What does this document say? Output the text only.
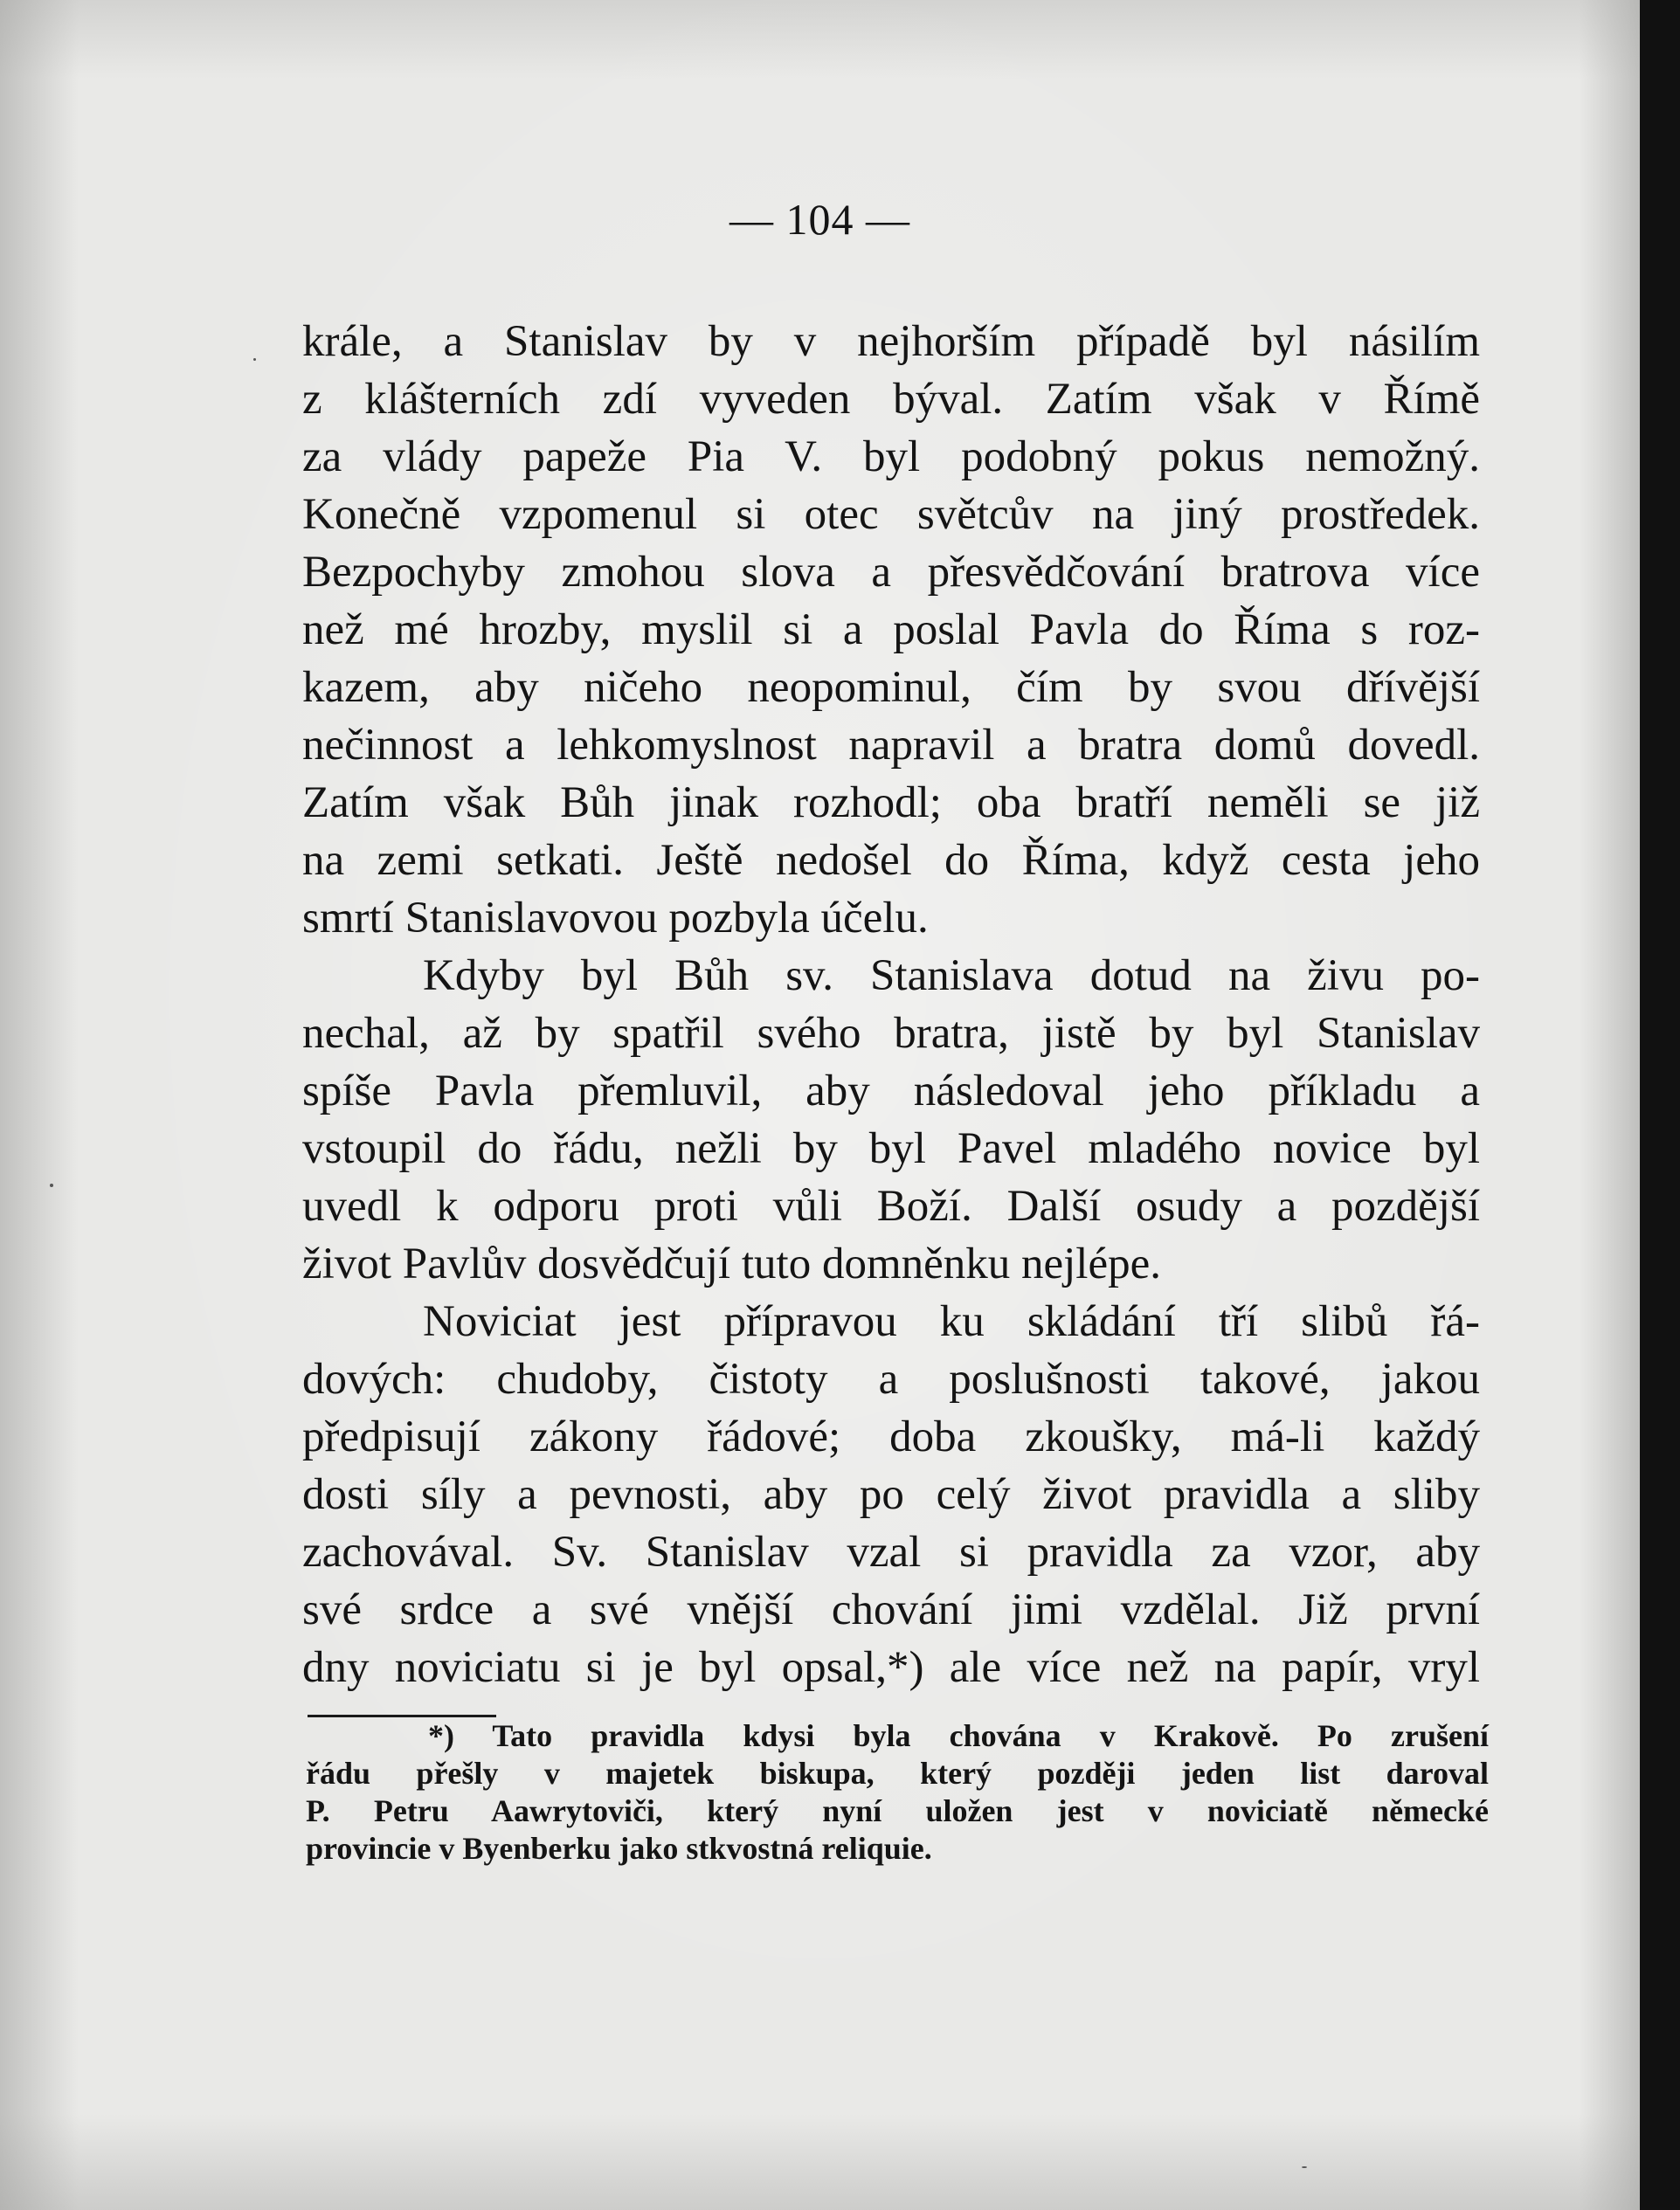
— 104 —
krále, a Stanislav by v nejhorším případě byl násilím
z klášterních zdí vyveden býval. Zatím však v Římě
za vlády papeže Pia V. byl podobný pokus nemožný.
Konečně vzpomenul si otec světcův na jiný prostředek.
Bezpochyby zmohou slova a přesvědčování bratrova více
než mé hrozby, myslil si a poslal Pavla do Říma s roz-
kazem, aby ničeho neopominul, čím by svou dřívější
nečinnost a lehkomyslnost napravil a bratra domů dovedl.
Zatím však Bůh jinak rozhodl; oba bratří neměli se již
na zemi setkati. Ještě nedošel do Říma, když cesta jeho
smrtí Stanislavovou pozbyla účelu.
Kdyby byl Bůh sv. Stanislava dotud na živu po-
nechal, až by spatřil svého bratra, jistě by byl Stanislav
spíše Pavla přemluvil, aby následoval jeho příkladu a
vstoupil do řádu, nežli by byl Pavel mladého novice byl
uvedl k odporu proti vůli Boží. Další osudy a pozdější
život Pavlův dosvědčují tuto domněnku nejlépe.
Noviciat jest přípravou ku skládání tří slibů řá-
dových: chudoby, čistoty a poslušnosti takové, jakou
předpisují zákony řádové; doba zkoušky, má-li každý
dosti síly a pevnosti, aby po celý život pravidla a sliby
zachovával. Sv. Stanislav vzal si pravidla za vzor, aby
své srdce a své vnější chování jimi vzdělal. Již první
dny noviciatu si je byl opsal,*) ale více než na papír, vryl
*) Tato pravidla kdysi byla chována v Krakově. Po zrušení
řádu přešly v majetek biskupa, který později jeden list daroval
P. Petru Aawrytoviči, který nyní uložen jest v noviciatě německé
provincie v Byenberku jako stkvostná reliquie.
